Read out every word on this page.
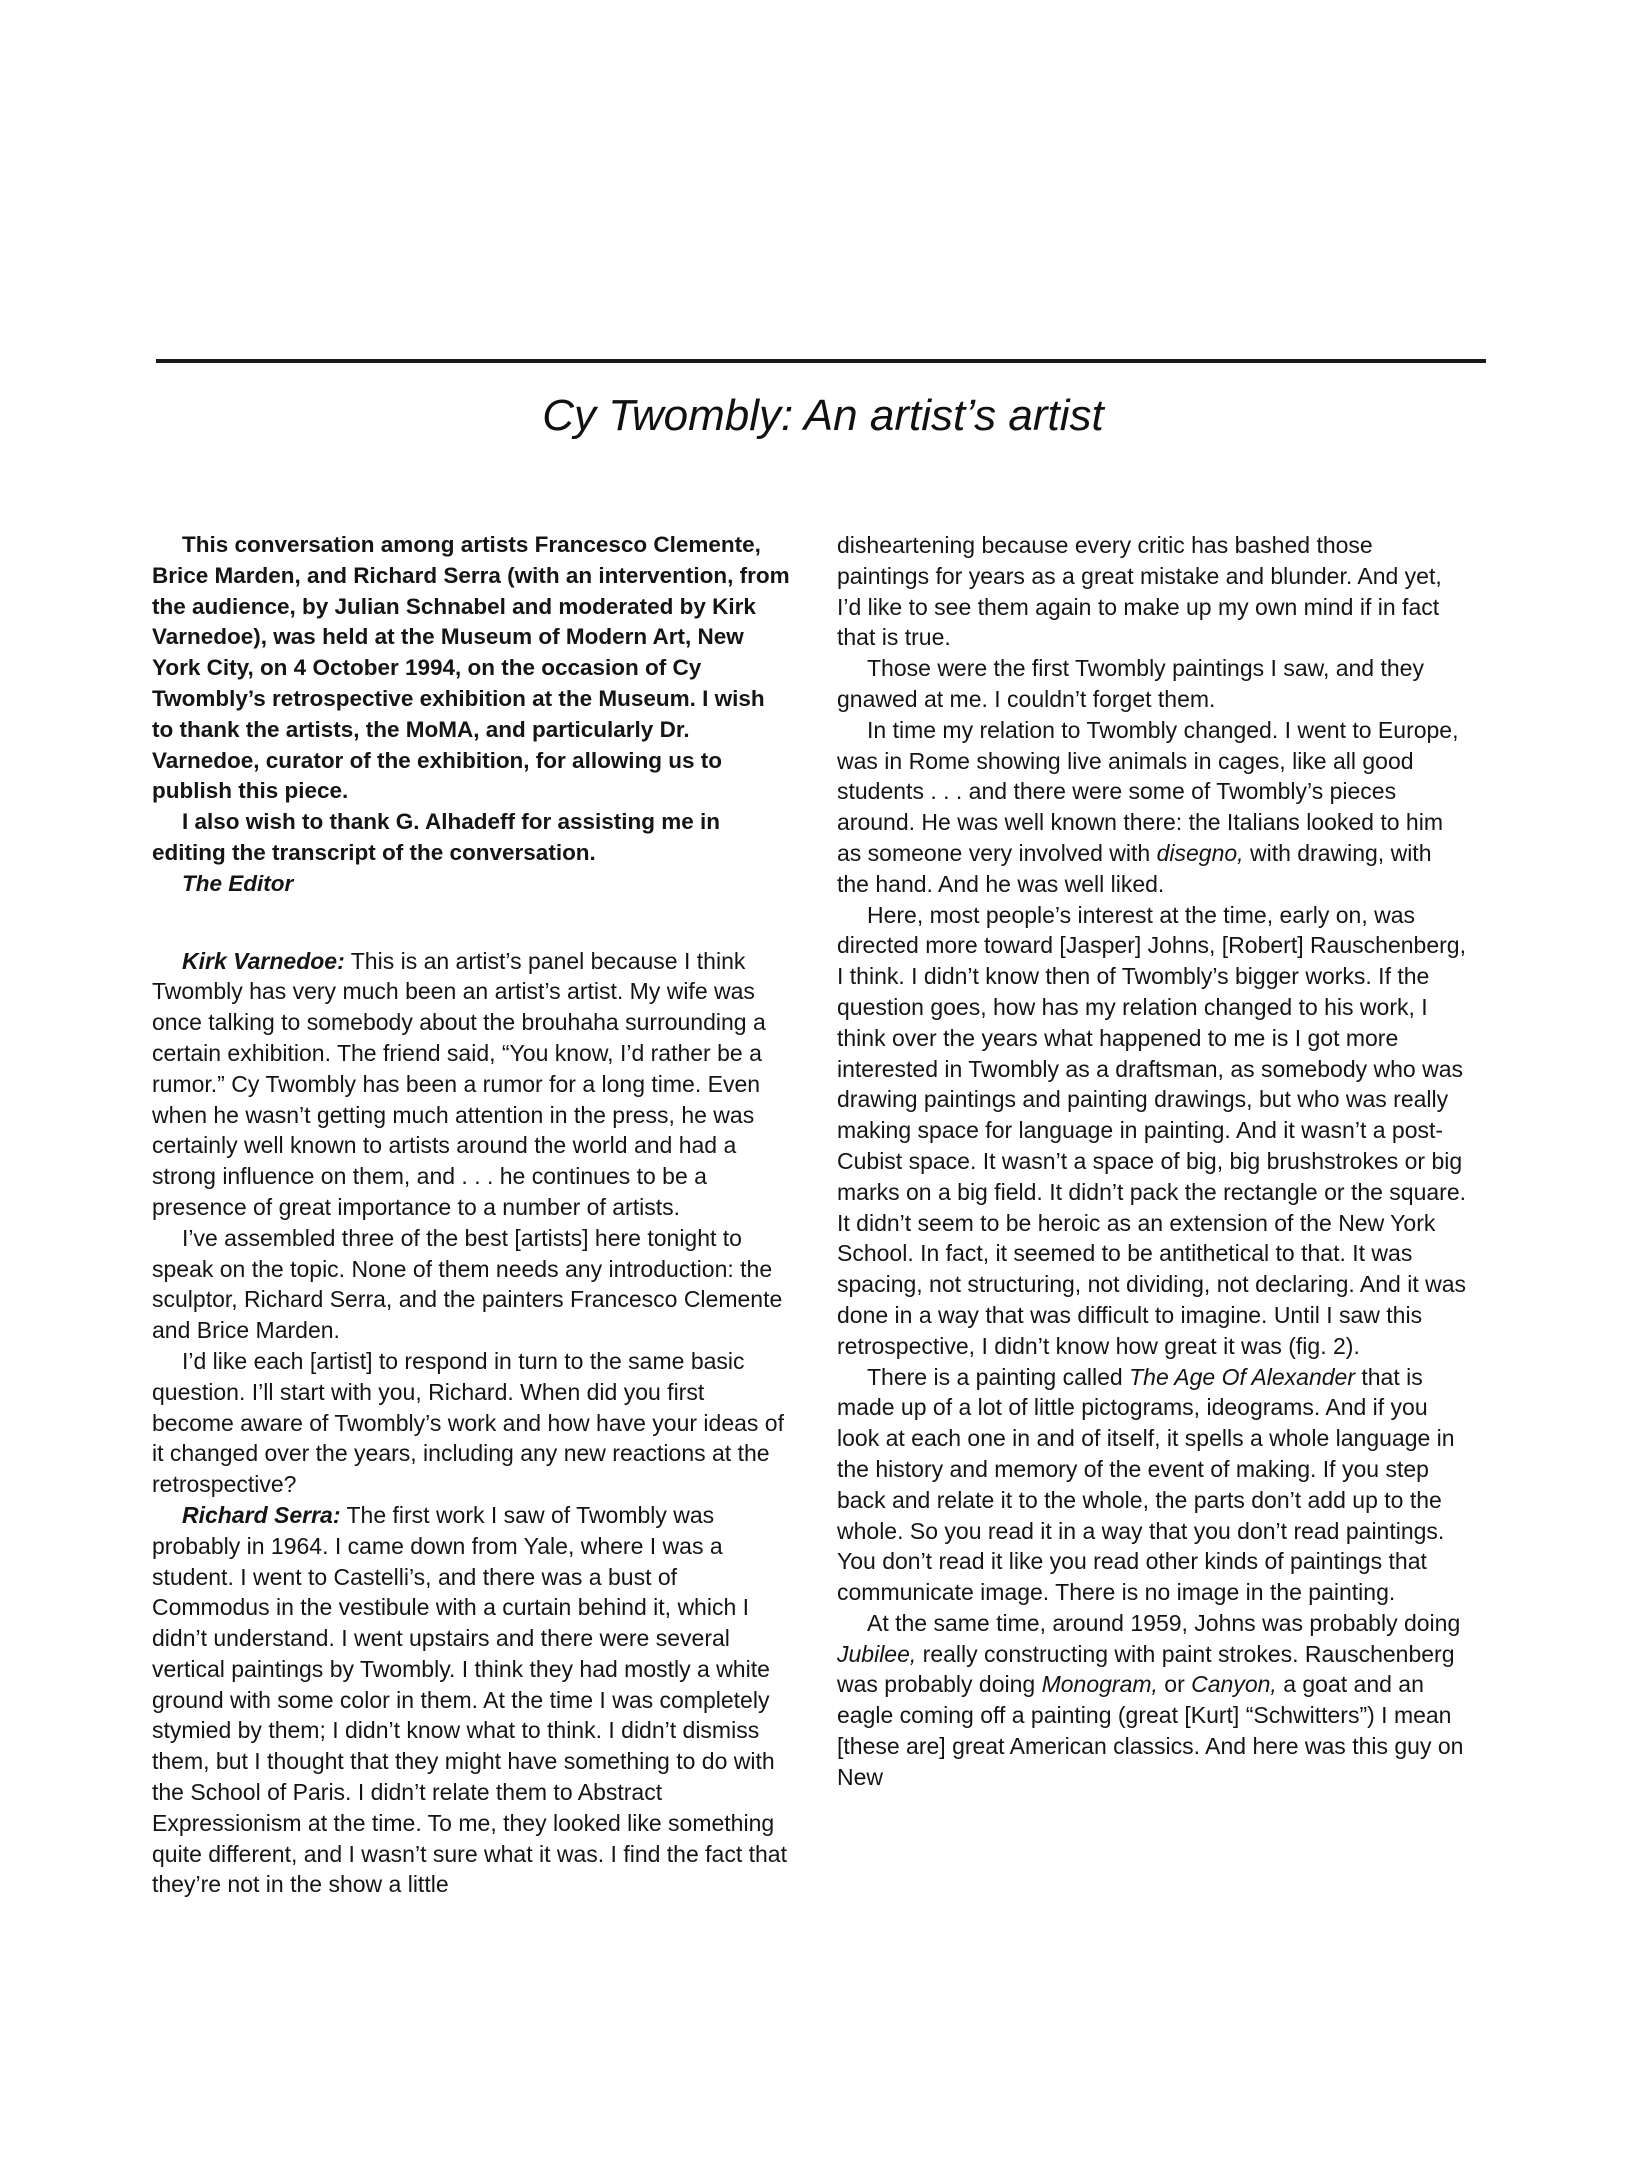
Cy Twombly: An artist’s artist

This conversation among artists Francesco Clemente, Brice Marden, and Richard Serra (with an intervention, from the audience, by Julian Schnabel and moderated by Kirk Varnedoe), was held at the Museum of Modern Art, New York City, on 4 October 1994, on the occasion of Cy Twombly’s retrospective exhibition at the Museum. I wish to thank the artists, the MoMA, and particularly Dr. Varnedoe, curator of the exhibition, for allowing us to publish this piece.

I also wish to thank G. Alhadeff for assisting me in editing the transcript of the conversation.

The Editor

Kirk Varnedoe: This is an artist’s panel because I think Twombly has very much been an artist’s artist. My wife was once talking to somebody about the brouhaha surrounding a certain exhibition. The friend said, “You know, I’d rather be a rumor.” Cy Twombly has been a rumor for a long time. Even when he wasn’t getting much attention in the press, he was certainly well known to artists around the world and had a strong influence on them, and . . . he continues to be a presence of great importance to a number of artists.

I’ve assembled three of the best [artists] here tonight to speak on the topic. None of them needs any introduction: the sculptor, Richard Serra, and the painters Francesco Clemente and Brice Marden.

I’d like each [artist] to respond in turn to the same basic question. I’ll start with you, Richard. When did you first become aware of Twombly’s work and how have your ideas of it changed over the years, including any new reactions at the retrospective?

Richard Serra: The first work I saw of Twombly was probably in 1964. I came down from Yale, where I was a student. I went to Castelli’s, and there was a bust of Commodus in the vestibule with a curtain behind it, which I didn’t understand. I went upstairs and there were several vertical paintings by Twombly. I think they had mostly a white ground with some color in them. At the time I was completely stymied by them; I didn’t know what to think. I didn’t dismiss them, but I thought that they might have something to do with the School of Paris. I didn’t relate them to Abstract Expressionism at the time. To me, they looked like something quite different, and I wasn’t sure what it was. I find the fact that they’re not in the show a little

disheartening because every critic has bashed those paintings for years as a great mistake and blunder. And yet, I’d like to see them again to make up my own mind if in fact that is true.

Those were the first Twombly paintings I saw, and they gnawed at me. I couldn’t forget them.

In time my relation to Twombly changed. I went to Europe, was in Rome showing live animals in cages, like all good students . . . and there were some of Twombly’s pieces around. He was well known there: the Italians looked to him as someone very involved with disegno, with drawing, with the hand. And he was well liked.

Here, most people’s interest at the time, early on, was directed more toward [Jasper] Johns, [Robert] Rauschenberg, I think. I didn’t know then of Twombly’s bigger works. If the question goes, how has my relation changed to his work, I think over the years what happened to me is I got more interested in Twombly as a draftsman, as somebody who was drawing paintings and painting drawings, but who was really making space for language in painting. And it wasn’t a post-Cubist space. It wasn’t a space of big, big brushstrokes or big marks on a big field. It didn’t pack the rectangle or the square. It didn’t seem to be heroic as an extension of the New York School. In fact, it seemed to be antithetical to that. It was spacing, not structuring, not dividing, not declaring. And it was done in a way that was difficult to imagine. Until I saw this retrospective, I didn’t know how great it was (fig. 2).

There is a painting called The Age Of Alexander that is made up of a lot of little pictograms, ideograms. And if you look at each one in and of itself, it spells a whole language in the history and memory of the event of making. If you step back and relate it to the whole, the parts don’t add up to the whole. So you read it in a way that you don’t read paintings. You don’t read it like you read other kinds of paintings that communicate image. There is no image in the painting.

At the same time, around 1959, Johns was probably doing Jubilee, really constructing with paint strokes. Rauschenberg was probably doing Monogram, or Canyon, a goat and an eagle coming off a painting (great [Kurt] “Schwitters”) I mean [these are] great American classics. And here was this guy on New
